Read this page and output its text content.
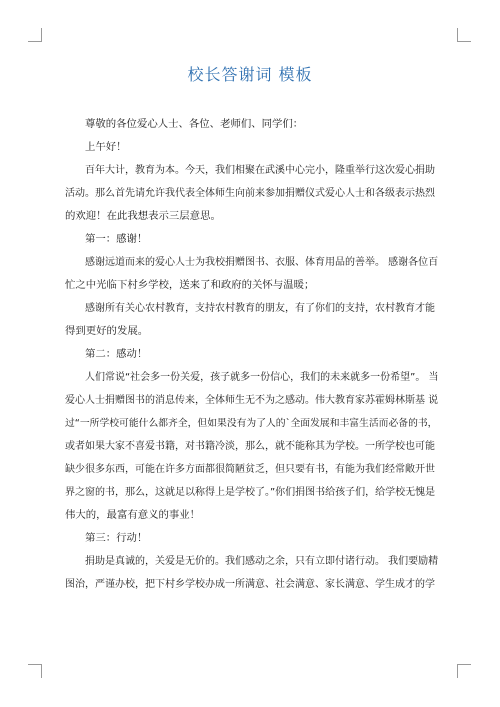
校长答谢词 模板
尊敬的各位爱心人士、各位、老师们、同学们：
上午好！
百年大计，教育为本。今天，我们相聚在武溪中心完小，隆重举行这次爱心捐助
活动。那么首先请允许我代表全体师生向前来参加捐赠仪式爱心人士和各级表示热烈
的欢迎！在此我想表示三层意思。
第一：感谢！
感谢远道而来的爱心人士为我校捐赠图书、衣服、体育用品的善举。 感谢各位百
忙之中光临下村乡学校，送来了和政府的关怀与温暖；
感谢所有关心农村教育，支持农村教育的朋友，有了你们的支持，农村教育才能
得到更好的发展。
第二：感动！
人们常说“社会多一份关爱，孩子就多一份信心，我们的未来就多一份希望”。 当
爱心人士捐赠图书的消息传来，全体师生无不为之感动。伟大教育家苏霍姆林斯基 说
过“一所学校可能什么都齐全，但如果没有为了人的`全面发展和丰富生活而必备的书，
或者如果大家不喜爱书籍，对书籍冷淡，那么，就不能称其为学校。一所学校也可能
缺少很多东西，可能在许多方面都很简陋贫乏，但只要有书，有能为我们经常敞开世
界之窗的书，那么，这就足以称得上是学校了。”你们捐图书给孩子们，给学校无愧是
伟大的，最富有意义的事业！
第三：行动！
捐助是真诚的，关爱是无价的。我们感动之余，只有立即付诸行动。 我们要励精
图治，严谨办校，把下村乡学校办成一所满意、社会满意、家长满意、学生成才的学
